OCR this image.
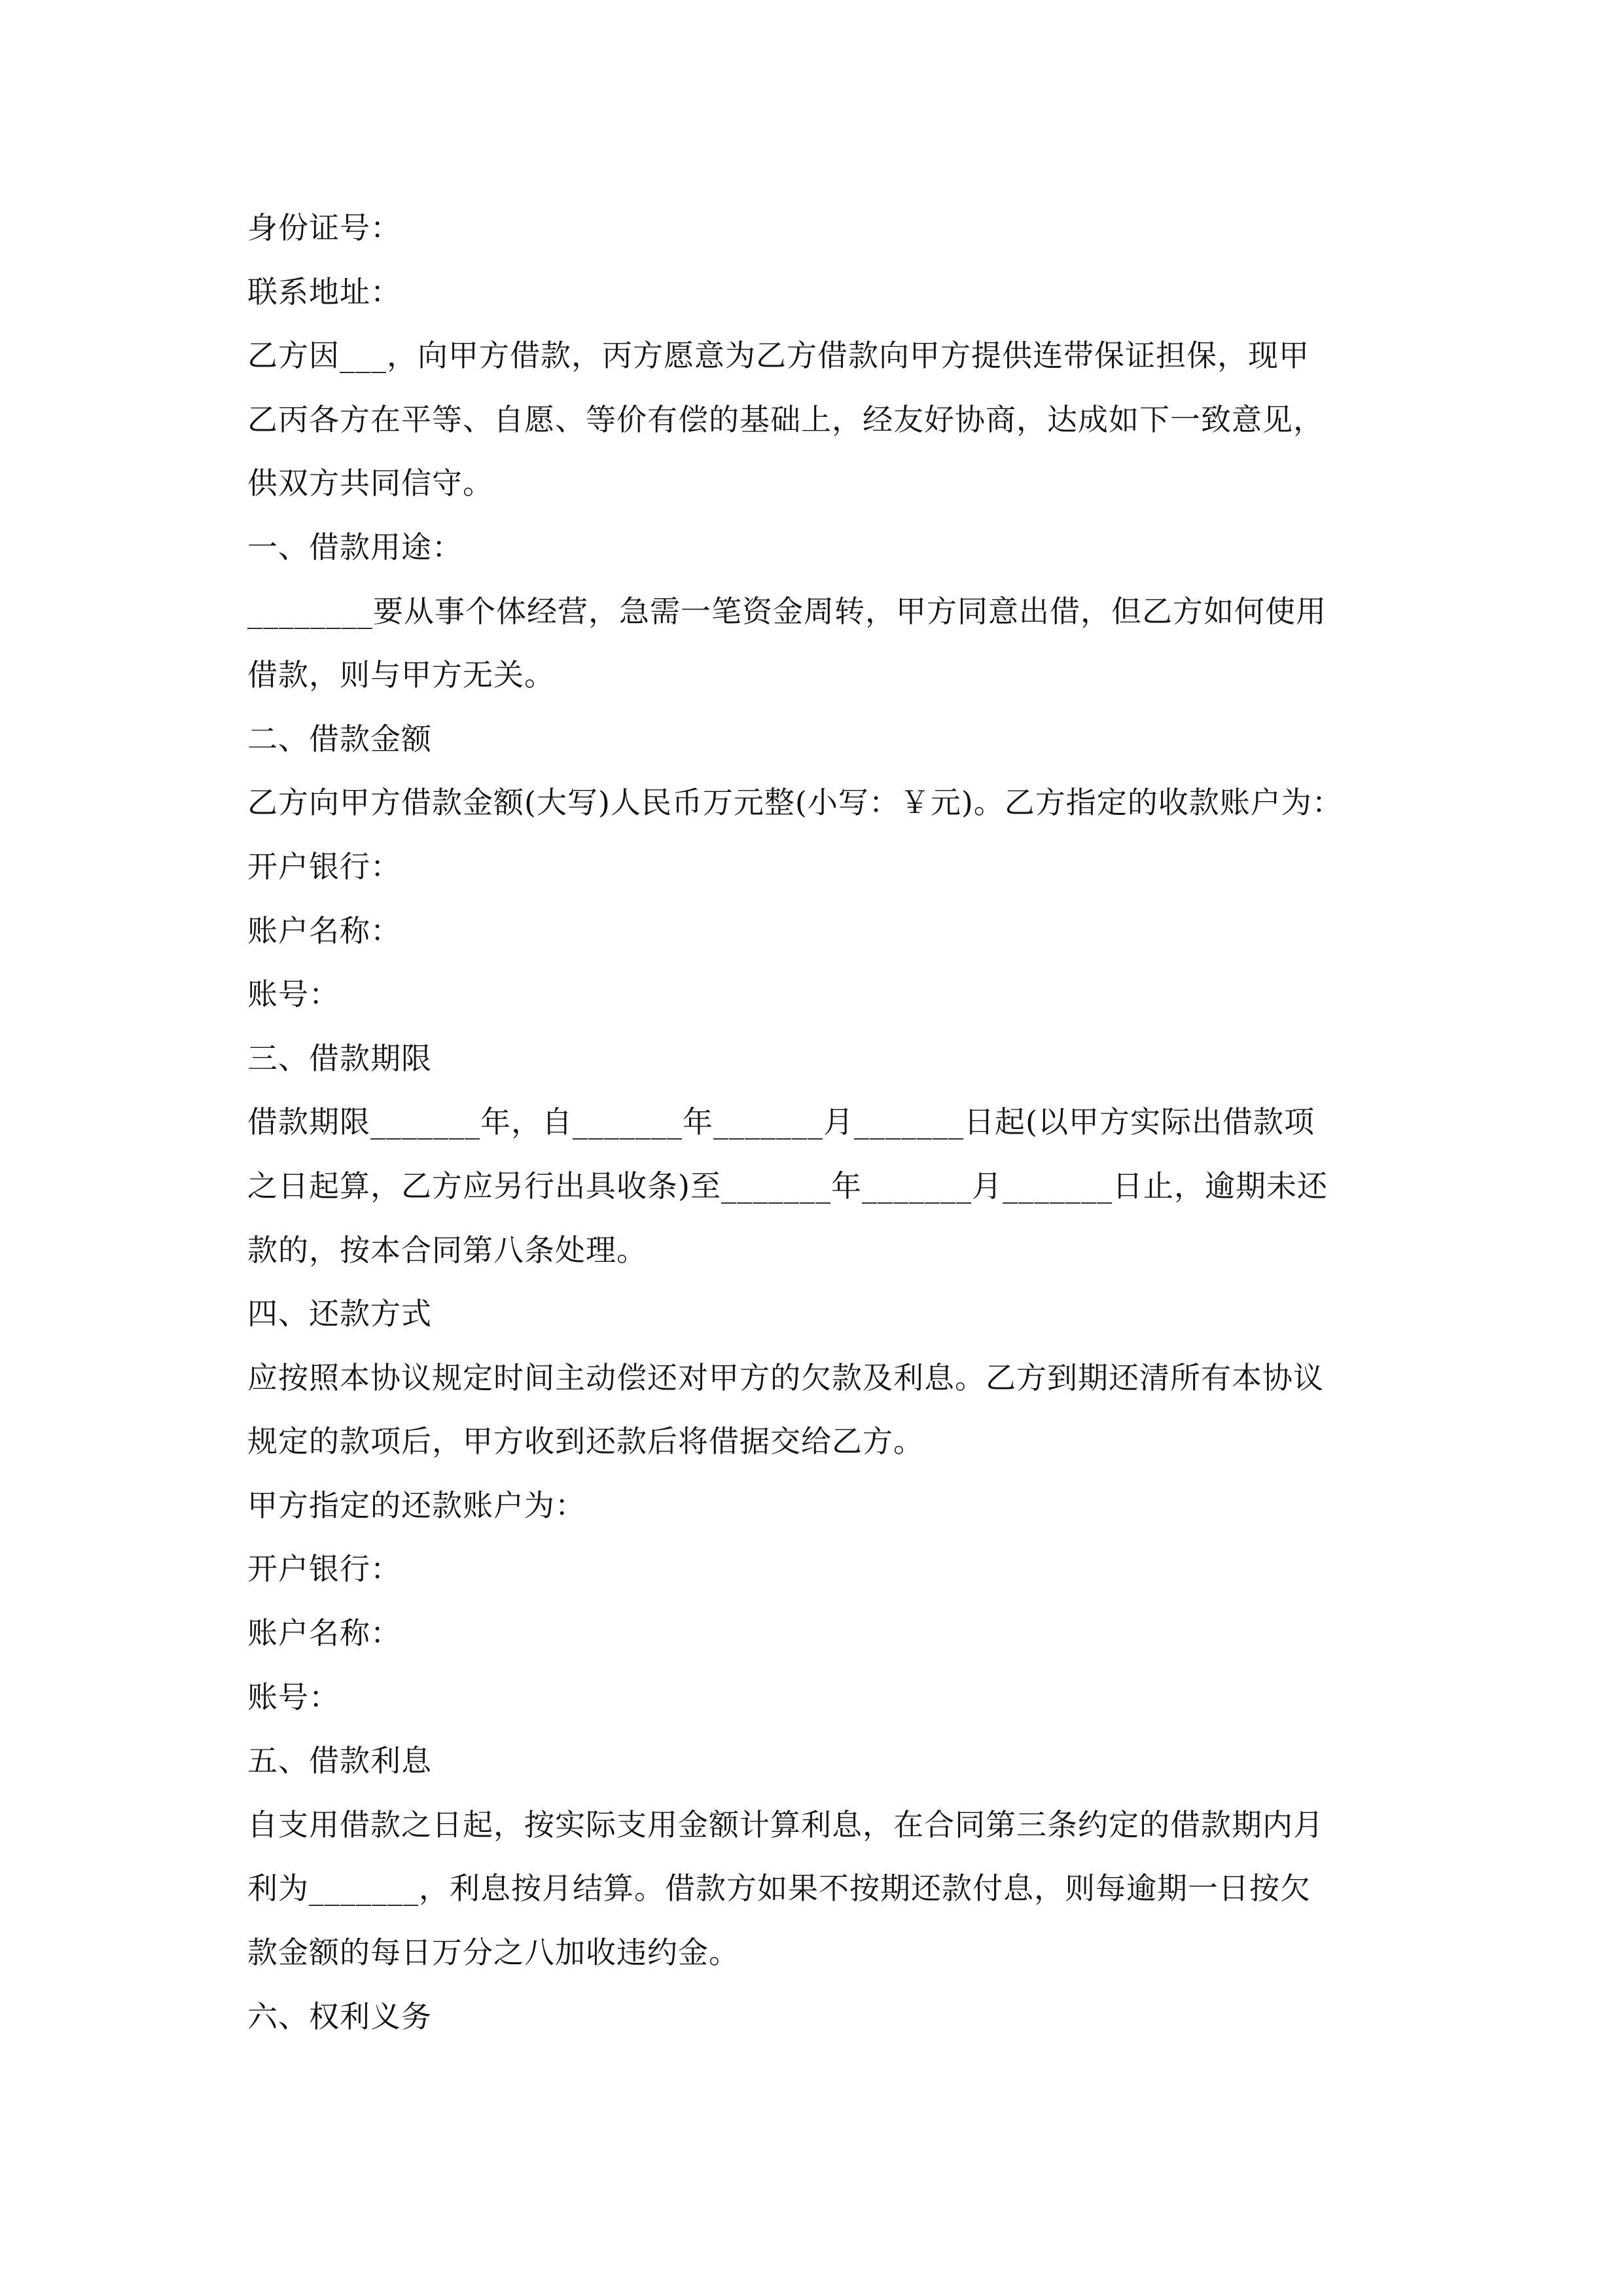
身份证号：
联系地址：
乙方因___，向甲方借款，丙方愿意为乙方借款向甲方提供连带保证担保，现甲
乙丙各方在平等、自愿、等价有偿的基础上，经友好协商，达成如下一致意见，
供双方共同信守。
一、借款用途：
________要从事个体经营，急需一笔资金周转，甲方同意出借，但乙方如何使用
借款，则与甲方无关。
二、借款金额
乙方向甲方借款金额(大写)人民币万元整(小写：￥元)。乙方指定的收款账户为：
开户银行：
账户名称：
账号：
三、借款期限
借款期限_______年，自_______年_______月_______日起(以甲方实际出借款项
之日起算，乙方应另行出具收条)至_______年_______月_______日止，逾期未还
款的，按本合同第八条处理。
四、还款方式
应按照本协议规定时间主动偿还对甲方的欠款及利息。乙方到期还清所有本协议
规定的款项后，甲方收到还款后将借据交给乙方。
甲方指定的还款账户为：
开户银行：
账户名称：
账号：
五、借款利息
自支用借款之日起，按实际支用金额计算利息，在合同第三条约定的借款期内月
利为_______，利息按月结算。借款方如果不按期还款付息，则每逾期一日按欠
款金额的每日万分之八加收违约金。
六、权利义务
